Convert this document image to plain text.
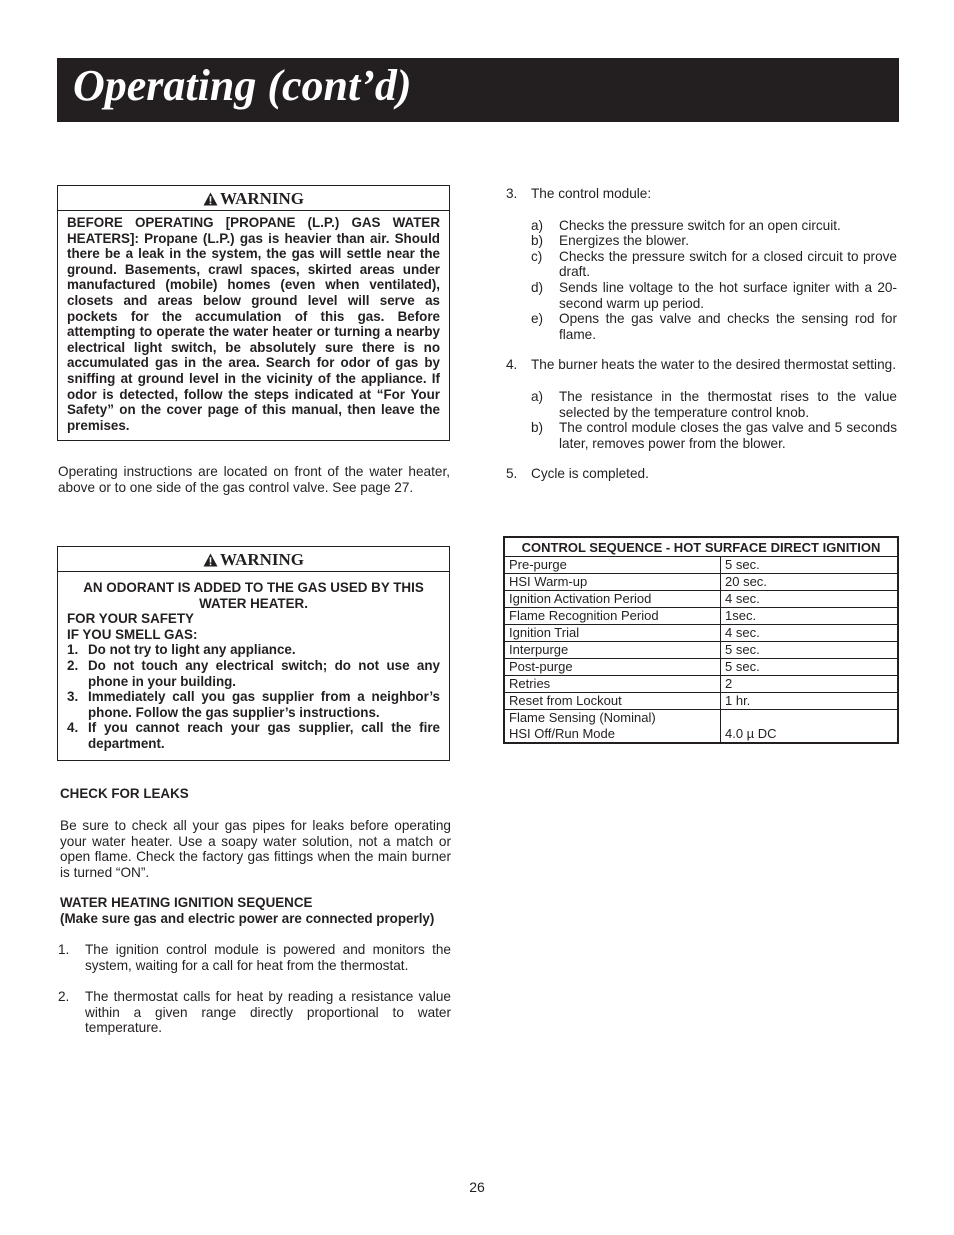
Operating (cont’d)
WARNING
BEFORE OPERATING [PROPANE (L.P.) GAS WATER HEATERS]: Propane (L.P.) gas is heavier than air. Should there be a leak in the system, the gas will settle near the ground. Basements, crawl spaces, skirted areas under manufactured (mobile) homes (even when ventilated), closets and areas below ground level will serve as pockets for the accumulation of this gas. Before attempting to operate the water heater or turning a nearby electrical light switch, be absolutely sure there is no accumulated gas in the area. Search for odor of gas by sniffing at ground level in the vicinity of the appliance. If odor is detected, follow the steps indicated at “For Your Safety” on the cover page of this manual, then leave the premises.
Operating instructions are located on front of the water heater, above or to one side of the gas control valve. See page 27.
WARNING
AN ODORANT IS ADDED TO THE GAS USED BY THIS WATER HEATER.
FOR YOUR SAFETY
IF YOU SMELL GAS:
1. Do not try to light any appliance.
2. Do not touch any electrical switch; do not use any phone in your building.
3. Immediately call you gas supplier from a neighbor’s phone. Follow the gas supplier’s instructions.
4. If you cannot reach your gas supplier, call the fire department.
CHECK FOR LEAKS
Be sure to check all your gas pipes for leaks before operating your water heater. Use a soapy water solution, not a match or open flame. Check the factory gas fittings when the main burner is turned “ON”.
WATER HEATING IGNITION SEQUENCE
(Make sure gas and electric power are connected properly)
1.	The ignition control module is powered and monitors the system, waiting for a call for heat from the thermostat.
2.	The thermostat calls for heat by reading a resistance value within a given range directly proportional to water temperature.
3.	The control module:
a)	Checks the pressure switch for an open circuit.
b)	Energizes the blower.
c)	Checks the pressure switch for a closed circuit to prove draft.
d)	Sends line voltage to the hot surface igniter with a 20-second warm up period.
e)	Opens the gas valve and checks the sensing rod for flame.
4.	The burner heats the water to the desired thermostat setting.
a)	The resistance in the thermostat rises to the value selected by the temperature control knob.
b)	The control module closes the gas valve and 5 seconds later, removes power from the blower.
5.	Cycle is completed.
CONTROL SEQUENCE - HOT SURFACE DIRECT IGNITION	
Pre-purge	5 sec.
HSI Warm-up	20 sec.
Ignition Activation Period	4 sec.
Flame Recognition Period	1sec.
Ignition Trial	4 sec.
Interpurge	5 sec.
Post-purge	5 sec.
Retries	2
Reset from Lockout	1 hr.

Flame Sensing (Nominal)
HSI Off/Run Mode	4.0 µ DC
26
